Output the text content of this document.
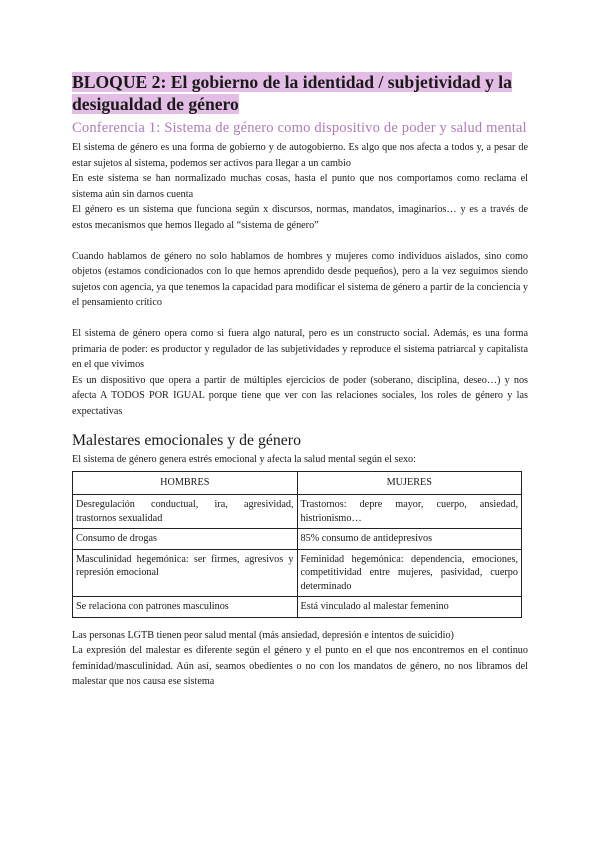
BLOQUE 2: El gobierno de la identidad / subjetividad y la
desigualdad de género
Conferencia 1: Sistema de género como dispositivo de poder y salud mental

El sistema de género es una forma de gobierno y de autogobierno. Es algo que nos afecta a todos y, a pesar de estar sujetos al sistema, podemos ser activos para llegar a un cambio

En este sistema se han normalizado muchas cosas, hasta el punto que nos comportamos como reclama el sistema aún sin darnos cuenta

El género es un sistema que funciona según x discursos, normas, mandatos, imaginarios… y es a través de estos mecanismos que hemos llegado al “sistema de género”

Cuando hablamos de género no solo hablamos de hombres y mujeres como individuos aislados, sino como objetos (estamos condicionados con lo que hemos aprendido desde pequeños), pero a la vez seguimos siendo sujetos con agencia, ya que tenemos la capacidad para modificar el sistema de género a partir de la conciencia y el pensamiento crítico

El sistema de género opera como si fuera algo natural, pero es un constructo social. Además, es una forma primaria de poder: es productor y regulador de las subjetividades y reproduce el sistema patriarcal y capitalista en el que vivimos

Es un dispositivo que opera a partir de múltiples ejercicios de poder (soberano, disciplina, deseo…) y nos afecta A TODOS POR IGUAL porque tiene que ver con las relaciones sociales, los roles de género y las expectativas

Malestares emocionales y de género

El sistema de género genera estrés emocional y afecta la salud mental según el sexo:

HOMBRES	MUJERES
Desregulación conductual, ira, agresividad, trastornos sexualidad	Trastornos: depre mayor, cuerpo, ansiedad, histrionismo…
Consumo de drogas	85% consumo de antidepresivos
Masculinidad hegemónica: ser firmes, agresivos y represión emocional	Feminidad hegemónica: dependencia, emociones, competitividad entre mujeres, pasividad, cuerpo determinado
Se relaciona con patrones masculinos	Está vinculado al malestar femenino

Las personas LGTB tienen peor salud mental (más ansiedad, depresión e intentos de suicidio)

La expresión del malestar es diferente según el género y el punto en el que nos encontremos en el continuo feminidad/masculinidad. Aún así, seamos obedientes o no con los mandatos de género, no nos libramos del malestar que nos causa ese sistema
